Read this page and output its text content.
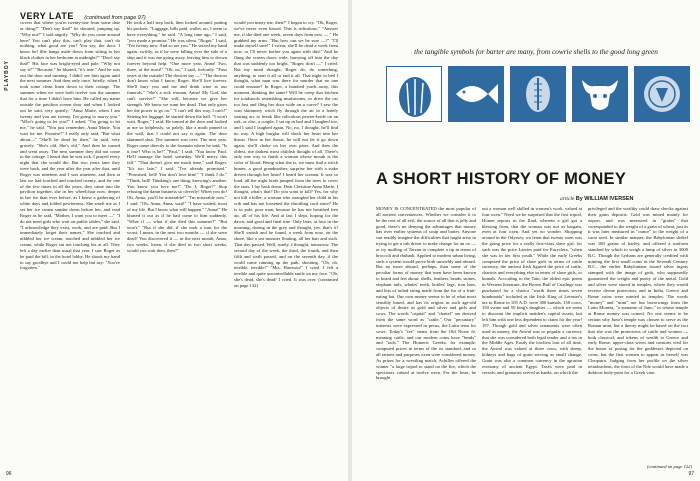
VERY LATE (continued from page 97)
PLAYBOY
covers that where you're twenty-one from some date or thing?" "Don't say that!" he shouted, jumping up. "Why not?" I said angrily. "Why do you come around here? You can't play this, can't play that, can't do nothing, what good are you? You say, the door. I know he! She hangs aside down from sitting to her black clothes in her bedroom at midnight?" "Don't say that!" His face was bright-eyed and pale. "Why not say it?" "Because," he blurted, "it's true." And he was out the door and running. I didn't see him again until the next summer. And then only once, briefly, when I took some clean linen down to their cottage. The summer when we were both twelve was the summer that for a time I didn't have him. He called my name outside the pavilion screen door and when I looked out he said, very quietly, "Anna Marie, when I am twenty and you are twenty, I'm going to marry you." "Who's going to let you?" I asked. "I'm going to let me," he said. "You just remember, Anna Marie. You wait for me. Promise?" I really only said, "But what about—" "She'll be dead by then," he said, very gravely. "She's old. She's old." And then he turned and went away. The next summer they did not come to the cottage. I heard that he was sick. I prayed every night that she would die. But two years later they were back, and the year after the year after that, until Roger was nineteen and I was nineteen, and then at last we had touched and touched twenty, and for one of the few times in all the years, they came into the pavilion together, she in her wheelchair now, deeper in her fur than ever before, as I knew a gathering of white days and folded pewterness. She smelt me as I set her ice cream sundae down before her, and read Roger as he said, "Mother, I want you to meet —" "I do not meet girls who wait on public tables," she said. "I acknowledge they exist, work, and are paid. But I immediately forget their names." She touched and nibbled her ice cream, touched and nibbled her ice cream, while Roger sat not touching his at all. They left a day earlier than usual that year. I saw Roger as he paid the bill, in the hotel lobby. He shook my hand to say goodbye and I could not help but say: "You've forgotten."
He took a half step back, then looked around, patting his pockets. "Luggage, bills paid, wallet, no, I seem to have everything," he said. "A long time ago," I said, "you made a promise." He was silent. "Roger," I said, "I'm twenty now. And so are you." He seized my hand again, swiftly, as if he were falling over the side of a ship and it was me going away, leaving him to drown forever beyond help. "One more year, Anna! Two, three, at the most!" "Oh, no," I said, forlornly. "Four years at the outside! The doctors say —" "The doctors don't know what I know, Roger. She'll live forever. She'll bury you and me and drink wine at our funerals." "She's a sick woman, Anna! My God, she can't survive!" "She will, because we give her strength. We know we want her dead. That only gives her the power to go on." "I can't tell this way, I can't!" Seizing his luggage, he started down the hall. "I won't wait, Roger," I said. He turned at the door and looked at me so helplessly, so palely, like a moth pinned to the wall, that I could not say it again. The door slammed shut. The summer was over. The next year, Roger came directly to the fountain where he said, "Is it true? Who is he?" "Paul," I said. "You know Paul. He'll manage the hotel someday. We'll marry this fall." "That doesn't give me much time," said Roger. "It's too late," I said. "I've already promised." "Promised, hell! You don't love him!" "I think I do." "Think, hell! Thinking's one thing, knowing's another. You know you love me!" "Do I, Roger?" Stop refusing the damn business so cleverly! When you do! Oh, Anna, you'll be miserable!" "I'm miserable now." I said. "Oh, Anna, Anna, wait!" "I have waited, most of my life. But I know what will happen." "Anna!" He blurted it out as if he had come to him suddenly. "What if — what if she died this summer?" "But won't." "But if she did, if she took a turn for the worst, I mean, in the next two months — if she were dead? You discovered it — in the next month, Anna, two weeks, listen, if she died in two short weeks, would you wait then, then?"
would you marry me, then?" I began to cry. "Oh, Roger, we've never even kissed. This is ridiculous." "Answer me, if she died one week, seven days from now — " He grabbed my arms. "But how can we be sure —?" "I'll make myself sure!" I swear, she'll be dead a week from now, or I'll never bother you again with this!" And he flung the screen doors wide, hurrying off into the day that was suddenly too bright. "Roger, don't —" I cried. But my mind thought, Roger do, do something, anything, to start it all or end it all. That night in bed I thought, what man was there for murder that no one could ensnare? In Roger, a hundred yards away, this moment, thinking the same? Will he creep that kitchen for toadstools resembling mushrooms, or drive the car too fast and fling her door wide on a curve? I saw the wan shimmery witch fly through the air in a lonely soaring arc to break like ridiculous pewter-bride on an oak, or else, a couple, I sat up in bed and I laughed too, and I said I laughed again. No, no, I thought, he'll find no way. A high burglar will shock her heart into her throat. Once in her throat, he will not let it go down again, she'll choke on her own pater. And then the oldest, she darkest most childish thought of all. There's only one way to finish a woman whose mouth is the color of blood. Being what she is, we must find a witch hunter, a good grandmother, surprise her with a stake driven through her heart! I heard her scream. It was so loud, all the night birds jumped from the trees to cover the stars. I lay back down. Dear Christine Anna Marie, I thought, what's that? Do you want to kill? Yes, for why not kill a killer, a woman who strangled her child in his crib and has not loosened the throttling cord since? He is so pale, poor man, because he has not breathed free air, all of his life. And at last I slept, hoping for the dawn, and good and final true. Only later, at four in the morning, dozing in the grey and thought, yes, that's it! She'll vanish and he found, a week from now, on the shore, like a sea monster floating, all her hair and such. That day passed. Well, surely, I thought, tomorrow. The second day of the week, the third, the fourth, and then fifth and sixth passed, and on the seventh day, if the world came running up the path, shouting. "Oh, oh, terrible, terrible!" "Mrs. Harrison!" I cried. I felt a terrible and quite uncontrollable smile on my face. "Oh, she's dead, she's dead! I cried. It was over. (continued on page 132)
96
the tangible symbols for barter are many, from cowrie shells to the good long green
A SHORT HISTORY OF MONEY
article By WILLIAM IVERSEN
MONEY IS CONCENTRATED the most popular of all ancient conveniences. Whether we consider it to be the root of all evil, the source of all that is jolly and good, there's no denying the advantages that money has over earlier systems of swap and barter. Anyone can readily imagine the difficulties that might arise in trying to get a cab driver to make change for an ox — or try mulling of Tarzan to complete a tip in terms of broccoli and rhubarb. Applied to modern urban living, such a system would prove both unwieldy and absurd. But no more absurd, perhaps, than some of the peculiar forms of money that men have been known to hoard and fret about: shells, feathers, beads, stones, elephant tails, whales' teeth, bottles' legs, iron bars, and bits of tufted string made from the fur of a fruit-eating bat. Our own money seems to be of what most sensibly based, and has its origins in such age-old objects of desire as gold and silver and girls and cows. The words "capital" and "chattel" are derived from the same word as "cattle." Our "pecuniary" interests were expressed in pecus, the Latin term for cows. Today's "fee" stems from the Old Norse fé, meaning cattle, and our modern coins have "heads" and "tails." The Homeric Greeks, for example, computed prices in terms of the ox standard, and so all rations and purposes oxen were considered money. As prizes for a wrestling match, Achilles offered the winner "a large tripod to stand on the fire, which the spectators valued at twelve oxen. For the loser, he brought
out a woman well skilled in women's work, valued at four oxen." Need we be surprised that the first tripod, Homer reports in the Iliad, wherein a girl got a blessing from, that the woman was not as bargain, even at four oxen. And yet no wonder. Shopping around in the Odyssey, we learn that twenty oxen was the going price for a really first-class slave girl, for such was the price Laertes paid for Eurycleia, "when she was in her first youth." While the early Greeks computed the price of slave girls in terms of cattle currency, the ancient Irish figured the price of cattle, chariots and everything else in terms of slave girls, or kumals. According to the Tain, the oldest epic poem in Western literature, the Brown Bull of Cuailnge was purchased for a chariot "worth three times seven bondmaids" included in the Irish King of Leinster's tax to Rome in 105 A.D. were 300 kumals, 150 cows, 150 swine and 50 king's daughter — which we seem to discount the implicit maiden's capital assets, but left him with one less dependent to claim for the year! 197. Though gold and silver ornaments were often used as money, the Anwal was so popular a currency that she was considered both legal tender and a tax in the Middle Ages. Easily the lowliest lout of all time, the Anwal was valued at three cows, with sheep, kidneys and bags of grain serving as small change. Grain was also a common currency in the agrarian economy of ancient Egypt. Taxes were paid in cereals, and granaries served as banks, on which the
privileged and the wealthy could draw checks against their grain deposits. Gold was mined mainly for export, and was measured in "grains" that corresponded to the weight of a grain of wheat, just as it was later measured in "ounce" to the weight of a carat seed. In similar manner, the Babylonian shekel was 180 grains of barley, and offered a uniform standard by which to weigh a lump of silver in 3000 B.C. Though the Lydians are generally credited with minting the first small coins in the Seventh Century B.C., the earlier Babylonians issued silver ingots stamped with the image of gods, who supposedly guaranteed the weight and purity of the metal. Gold and silver were stored in temples, where they would receive divine protection, and in India, Greece and Rome coins were minted in temples. The words "money" and "mint" are but borrowings from the Latin Moneta, "a surname of Juno," in whose temple at Rome money was coined. No one seems to be certain why Juno's temple was chosen to serve as the Roman mint, but a theory might be based on the fact that she was the protectress of cattle and women — both classical, and tokens of wealth to Greece and early Rome, upper-class wives and consorts vied for the honor of posing for the goddesses depicted on coins, but the first women to appear as herself was Cleopatra. Judging from her profile on the silver tetradrachms, the form of the Nile would have made a dubious body-print for a Greek vase.
(continued on page 122)
97
